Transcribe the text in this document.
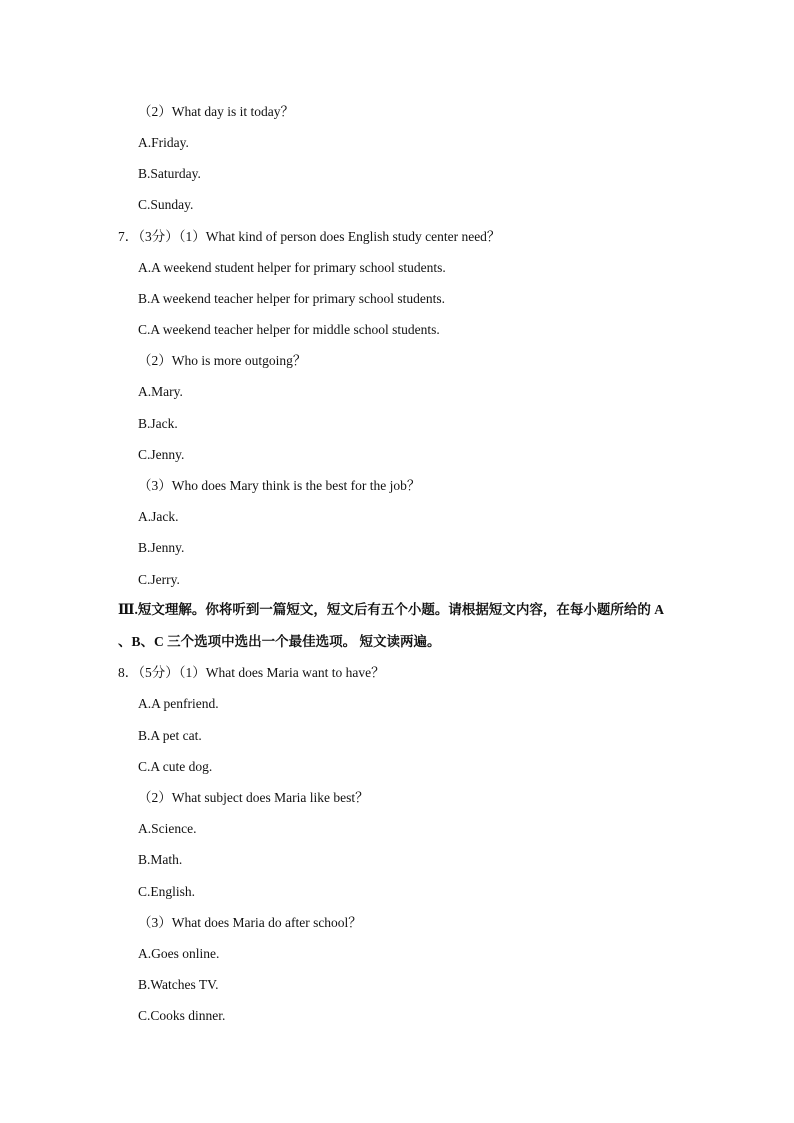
（2）What day is it today？
A.Friday.
B.Saturday.
C.Sunday.
7．（3分）（1）What kind of person does English study center need？
A.A weekend student helper for primary school students.
B.A weekend teacher helper for primary school students.
C.A weekend teacher helper for middle school students.
（2）Who is more outgoing？
A.Mary.
B.Jack.
C.Jenny.
（3）Who does Mary think is the best for the job？
A.Jack.
B.Jenny.
C.Jerry.
Ⅲ.短文理解。你将听到一篇短文，短文后有五个小题。请根据短文内容，在每小题所给的 A
、B、C 三个选项中选出一个最佳选项。 短文读两遍。
8．（5分）（1）What does Maria want to have？
A.A penfriend.
B.A pet cat.
C.A cute dog.
（2）What subject does Maria like best？
A.Science.
B.Math.
C.English.
（3）What does Maria do after school？
A.Goes online.
B.Watches TV.
C.Cooks dinner.
